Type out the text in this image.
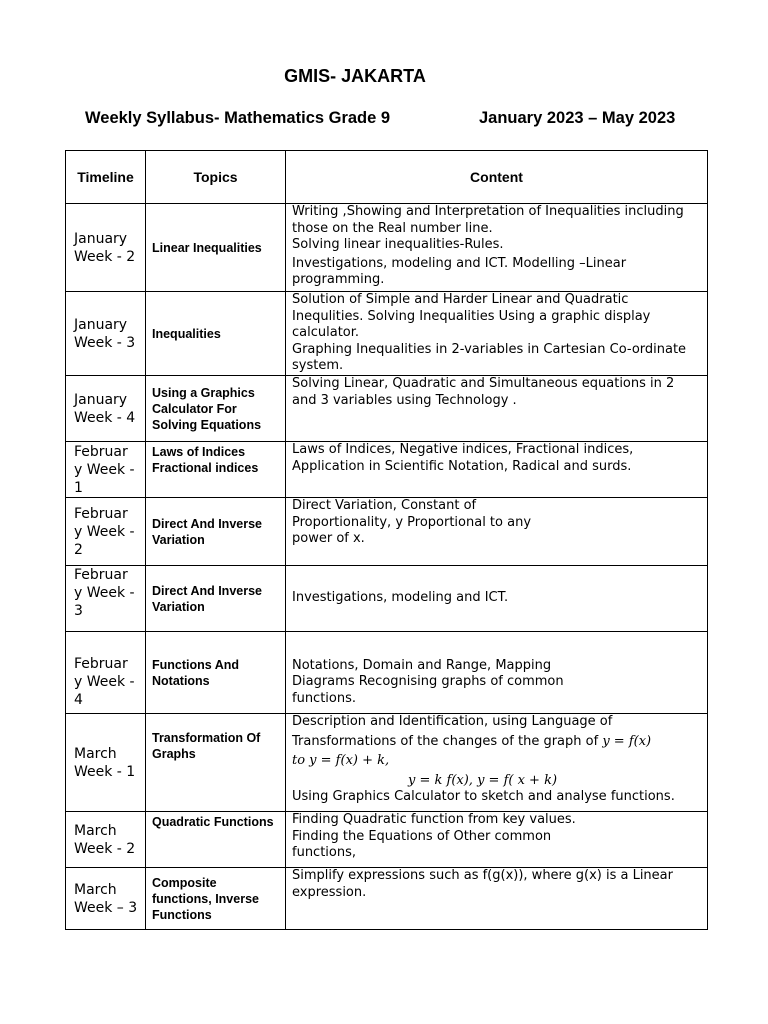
GMIS- JAKARTA
Weekly Syllabus- Mathematics Grade 9	January 2023 – May 2023
Timeline	Topics	Content
January Week - 2	Linear Inequalities	Writing ,Showing and Interpretation of Inequalities including those on the Real number line.
Solving linear inequalities-Rules.
Investigations, modeling and ICT. Modelling –Linear programming.

January Week - 3	Inequalities	Solution of Simple and Harder Linear and Quadratic Inequlities. Solving Inequalities Using a graphic display calculator.
Graphing Inequalities in 2-variables in Cartesian Co-ordinate system.

January Week - 4	Using a Graphics Calculator For Solving Equations	Solving Linear, Quadratic and Simultaneous equations in 2 and 3 variables using Technology .

Februar y Week - 1	Laws of Indices Fractional indices	Laws of Indices, Negative indices, Fractional indices, Application in Scientific Notation, Radical and surds.

Februar y Week - 2	Direct And Inverse Variation	Direct Variation, Constant of Proportionality, y Proportional to any power of x.

Februar y Week - 3	Direct And Inverse Variation	Investigations, modeling and ICT.

Februar y Week - 4	Functions And Notations	Notations, Domain and Range, Mapping Diagrams Recognising graphs of common functions.

March Week - 1	Transformation Of Graphs	Description and Identification, using Language of
Transformations of the changes of the graph of y = f(x)
to y = f(x) + k,
y = k f(x), y = f( x + k)
Using Graphics Calculator to sketch and analyse functions.

March Week - 2	Quadratic Functions	Finding Quadratic function from key values.
Finding the Equations of Other common functions,

March Week – 3	Composite functions, Inverse Functions	Simplify expressions such as f(g(x)), where g(x) is a Linear expression.
